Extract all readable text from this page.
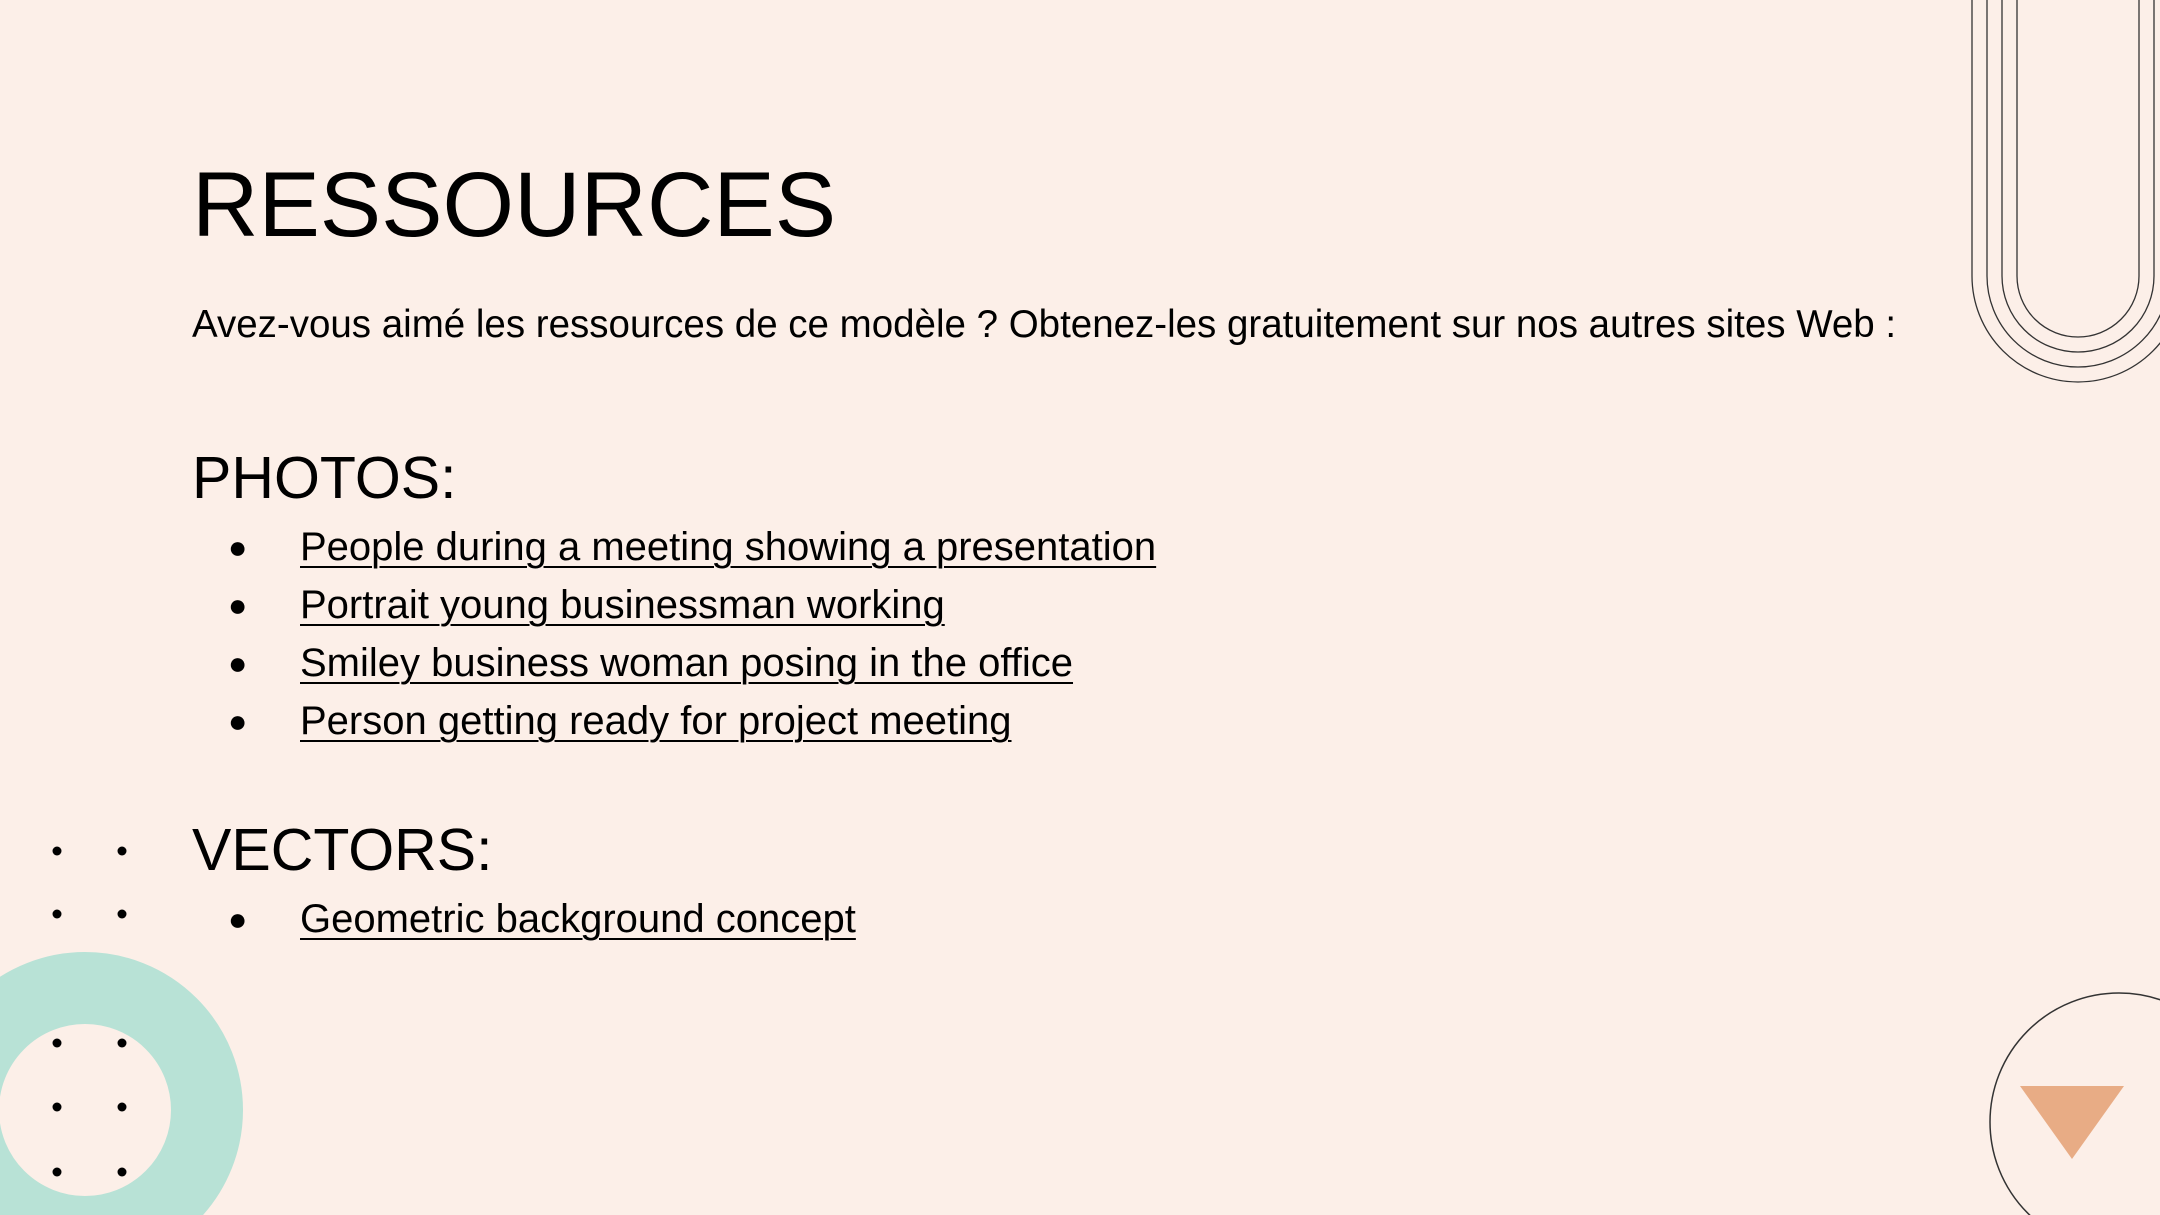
RESSOURCES

Avez-vous aimé les ressources de ce modèle ? Obtenez-les gratuitement sur nos autres sites Web :

PHOTOS:
● People during a meeting showing a presentation
● Portrait young businessman working
● Smiley business woman posing in the office
● Person getting ready for project meeting
VECTORS:
● Geometric background concept
